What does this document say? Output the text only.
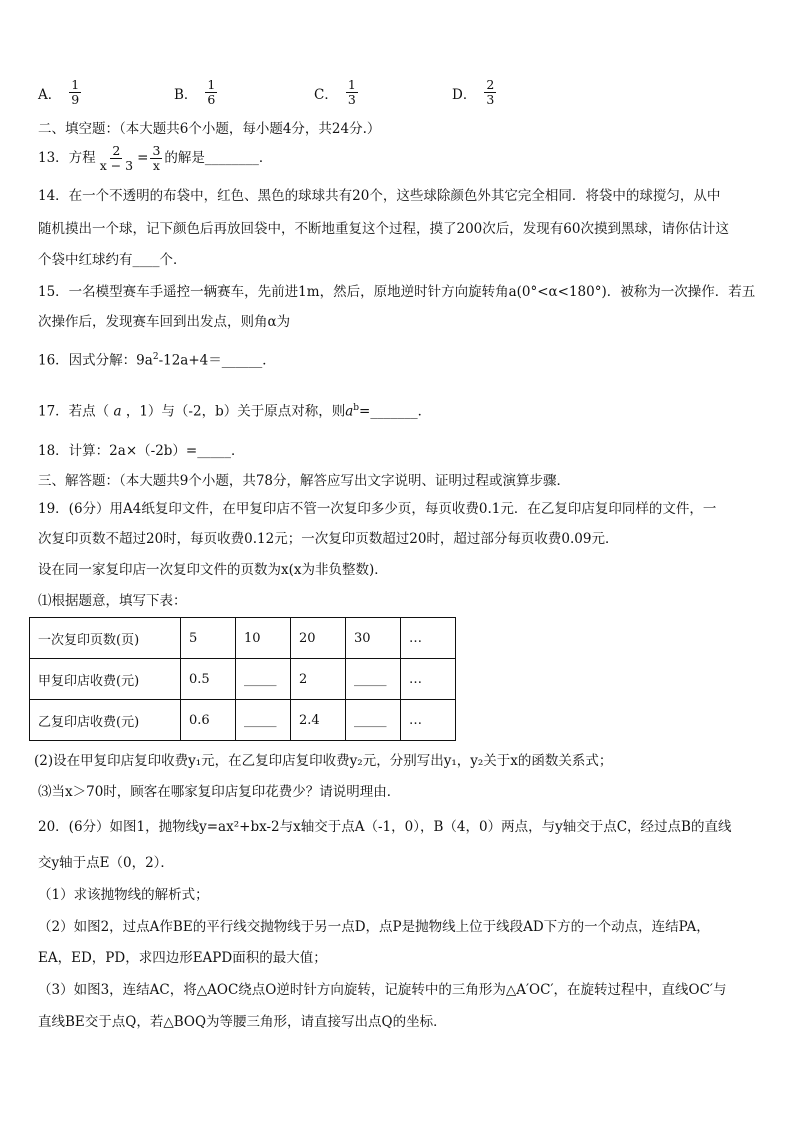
A． $\frac{1}{9}$	B． $\frac{1}{6}$	C． $\frac{1}{3}$	D． $\frac{2}{3}$
二、填空题：（本大题共6个小题，每小题4分，共24分.）
13．方程 $\frac{2}{x - 3} = \frac{3}{x}$ 的解是________．
14．在一个不透明的布袋中，红色、黑色的球球共有20个，这些球除颜色外其它完全相同．将袋中的球搅匀，从中
随机摸出一个球，记下颜色后再放回袋中，不断地重复这个过程，摸了200次后，发现有60次摸到黑球，请你估计这
个袋中红球约有____个．
15．一名模型赛车手遥控一辆赛车，先前进1m，然后，原地逆时针方向旋转角a(0°<α<180°)．被称为一次操作．若五
次操作后，发现赛车回到出发点，则角α为
16．因式分解：$9a^2-12a+4=\_\_\_\_\_\_$．
17．若点（ a ，1）与（-2，b）关于原点对称，则$a^b=\_\_\_\_\_\_\_$．
18．计算：2a×（-2b）=_____．
三、解答题：（本大题共9个小题，共78分，解答应写出文字说明、证明过程或演算步骤．
19．(6分）用A4纸复印文件，在甲复印店不管一次复印多少页，每页收费0.1元．在乙复印店复印同样的文件，一
次复印页数不超过20时，每页收费0.12元；一次复印页数超过20时，超过部分每页收费0.09元．
设在同一家复印店一次复印文件的页数为x(x为非负整数)．
⑴根据题意，填写下表：
一次复印页数(页)	5	10	20	30	…
甲复印店收费(元)	0.5	_____	2	_____	…
乙复印店收费(元)	0.6	_____	2.4	_____	…
(2)设在甲复印店复印收费y₁元，在乙复印店复印收费y₂元，分别写出y₁，y₂关于x的函数关系式；
⑶当x＞70时，顾客在哪家复印店复印花费少？请说明理由．
20．(6分）如图1，抛物线y=ax²+bx-2与x轴交于点A（-1，0），B（4，0）两点，与y轴交于点C，经过点B的直线
交y轴于点E（0，2）．
（1）求该抛物线的解析式；
（2）如图2，过点A作BE的平行线交抛物线于另一点D，点P是抛物线上位于线段AD下方的一个动点，连结PA，
EA，ED，PD，求四边形EAPD面积的最大值；
（3）如图3，连结AC，将△AOC绕点O逆时针方向旋转，记旋转中的三角形为△A′OC′，在旋转过程中，直线OC′与
直线BE交于点Q，若△BOQ为等腰三角形，请直接写出点Q的坐标．
